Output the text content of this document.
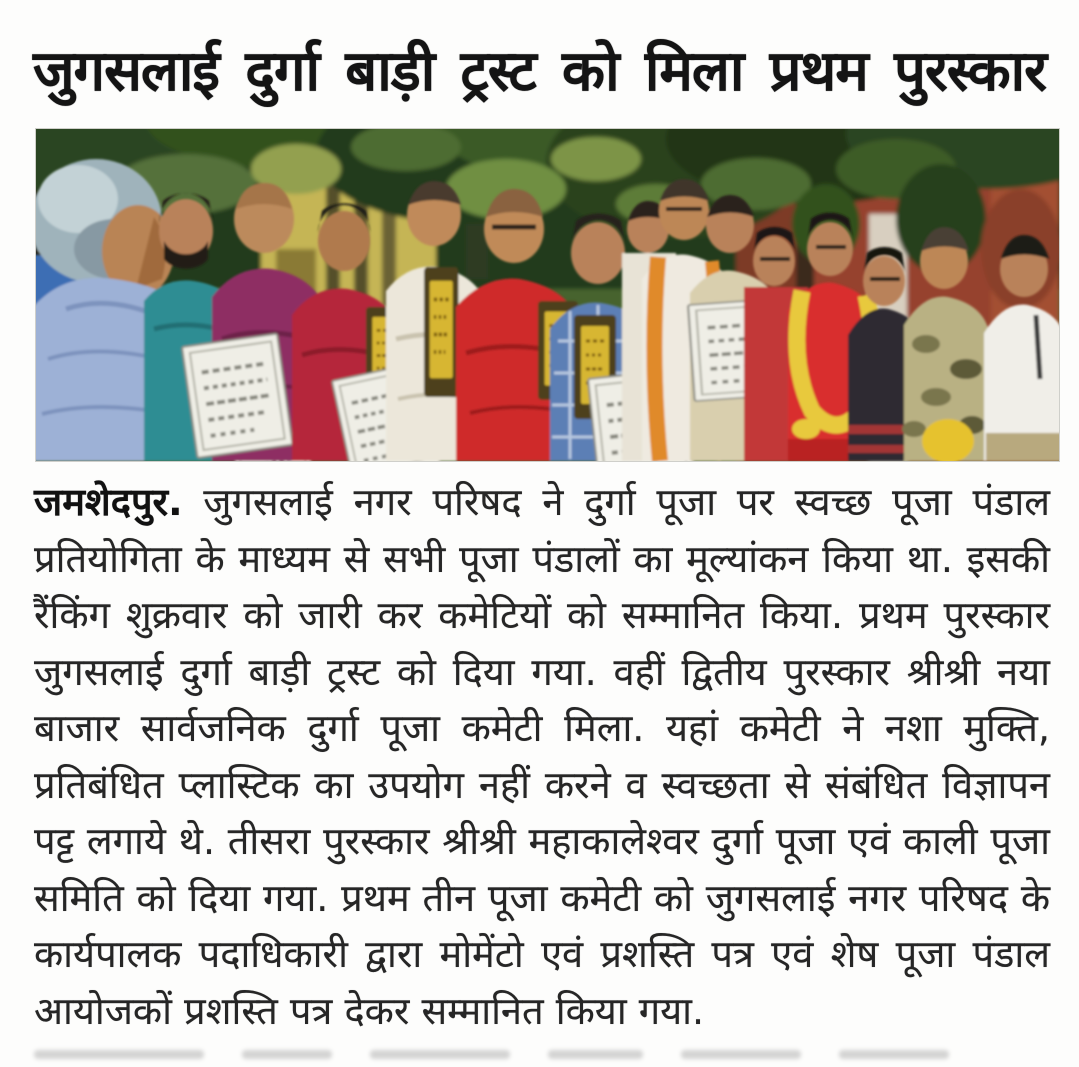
जुगसलाई दुर्गा बाड़ी ट्रस्ट को मिला प्रथम पुरस्कार
जमशेदपुर. जुगसलाई नगर परिषद ने दुर्गा पूजा पर स्वच्छ पूजा पंडाल
प्रतियोगिता के माध्यम से सभी पूजा पंडालों का मूल्यांकन किया था. इसकी
रैंकिंग शुक्रवार को जारी कर कमेटियों को सम्मानित किया. प्रथम पुरस्कार
जुगसलाई दुर्गा बाड़ी ट्रस्ट को दिया गया. वहीं द्वितीय पुरस्कार श्रीश्री नया
बाजार सार्वजनिक दुर्गा पूजा कमेटी मिला. यहां कमेटी ने नशा मुक्ति,
प्रतिबंधित प्लास्टिक का उपयोग नहीं करने व स्वच्छता से संबंधित विज्ञापन
पट्ट लगाये थे. तीसरा पुरस्कार श्रीश्री महाकालेश्वर दुर्गा पूजा एवं काली पूजा
समिति को दिया गया. प्रथम तीन पूजा कमेटी को जुगसलाई नगर परिषद के
कार्यपालक पदाधिकारी द्वारा मोमेंटो एवं प्रशस्ति पत्र एवं शेष पूजा पंडाल
आयोजकों प्रशस्ति पत्र देकर सम्मानित किया गया.
